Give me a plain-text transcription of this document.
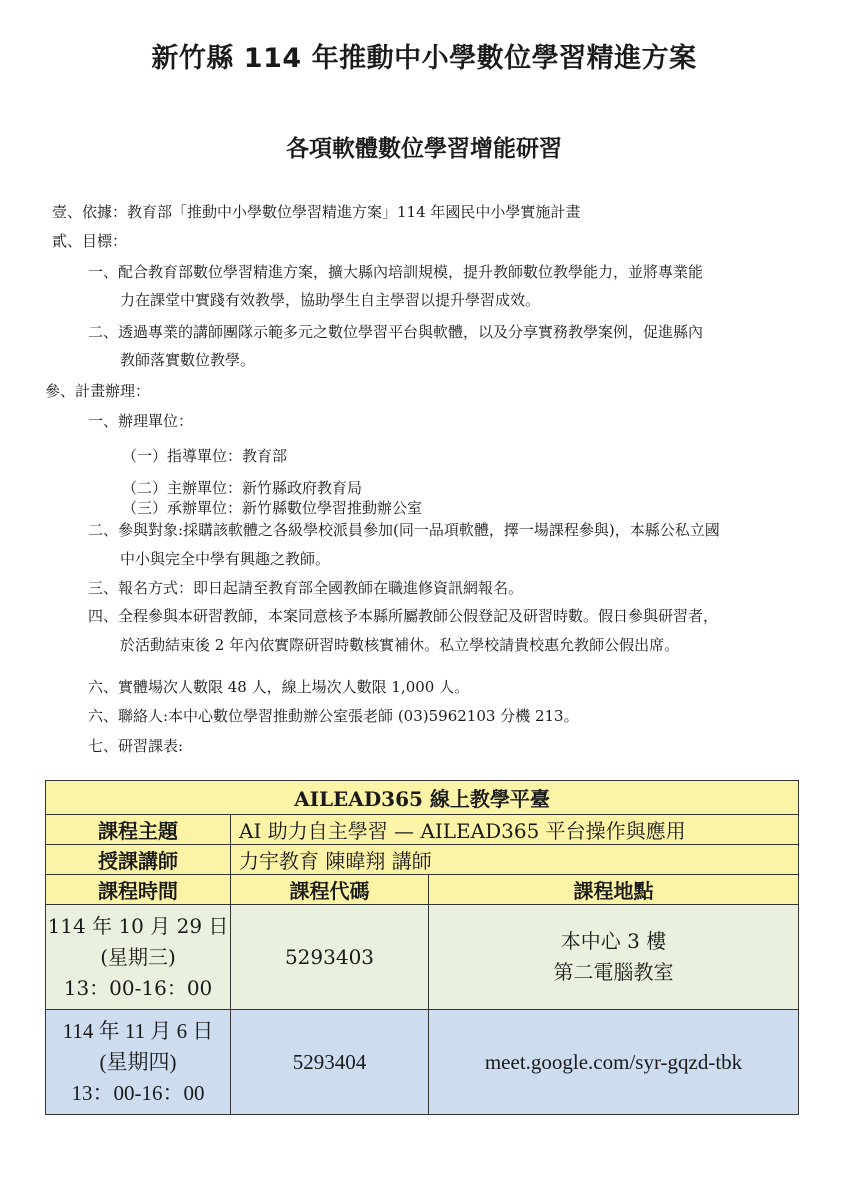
新竹縣 114 年推動中小學數位學習精進方案
各項軟體數位學習增能研習
壹、依據：教育部「推動中小學數位學習精進方案」114 年國民中小學實施計畫
貳、目標：
一、配合教育部數位學習精進方案，擴大縣內培訓規模，提升教師數位教學能力，並將專業能
力在課堂中實踐有效教學，協助學生自主學習以提升學習成效。
二、透過專業的講師團隊示範多元之數位學習平台與軟體，以及分享實務教學案例，促進縣內
教師落實數位教學。
參、計畫辦理：
一、辦理單位：
（一）指導單位：教育部
（二）主辦單位：新竹縣政府教育局
（三）承辦單位：新竹縣數位學習推動辦公室
二、參與對象:採購該軟體之各級學校派員參加(同一品項軟體，擇一場課程參與)，本縣公私立國
中小與完全中學有興趣之教師。
三、報名方式：即日起請至教育部全國教師在職進修資訊網報名。
四、全程參與本研習教師，本案同意核予本縣所屬教師公假登記及研習時數。假日參與研習者，
於活動結束後 2 年內依實際研習時數核實補休。私立學校請貴校惠允教師公假出席。
六、實體場次人數限 48 人，線上場次人數限 1,000 人。
六、聯絡人:本中心數位學習推動辦公室張老師 (03)5962103 分機 213。
七、研習課表:
AILEAD365 線上教學平臺		
課程主題	AI 助力自主學習 — AILEAD365 平台操作與應用	
授課講師	力宇教育 陳暐翔 講師	
課程時間	課程代碼	課程地點

114 年 10 月 29 日
(星期三)
13：00-16：00	5293403	本中心 3 樓
第二電腦教室

114 年 11 月 6 日
(星期四)
13：00-16：00	5293404	meet.google.com/syr-gqzd-tbk
